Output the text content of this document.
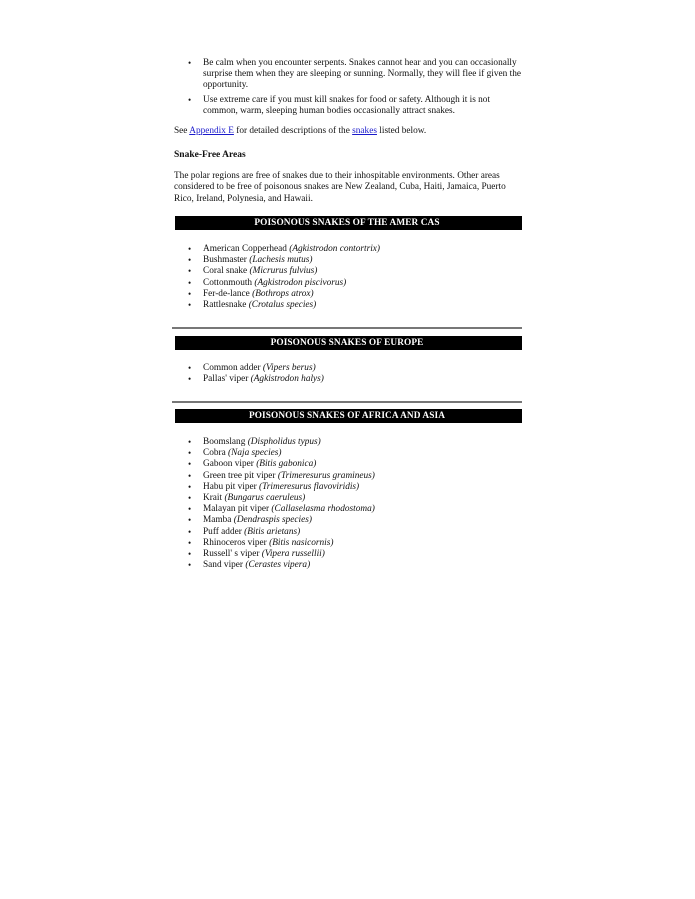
• Be calm when you encounter serpents. Snakes cannot hear and you can occasionally surprise them when they are sleeping or sunning. Normally, they will flee if given the opportunity.
• Use extreme care if you must kill snakes for food or safety. Although it is not common, warm, sleeping human bodies occasionally attract snakes.

See Appendix E for detailed descriptions of the snakes listed below.

Snake-Free Areas

The polar regions are free of snakes due to their inhospitable environments. Other areas considered to be free of poisonous snakes are New Zealand, Cuba, Haiti, Jamaica, Puerto Rico, Ireland, Polynesia, and Hawaii.

POISONOUS SNAKES OF THE AMER CAS
• American Copperhead (Agkistrodon contortrix)
• Bushmaster (Lachesis mutus)
• Coral snake (Micrurus fulvius)
• Cottonmouth (Agkistrodon piscivorus)
• Fer-de-lance (Bothrops atrox)
• Rattlesnake (Crotalus species)
POISONOUS SNAKES OF EUROPE
• Common adder (Vipers berus)
• Pallas' viper (Agkistrodon halys)
POISONOUS SNAKES OF AFRICA AND ASIA
• Boomslang (Dispholidus typus)
• Cobra (Naja species)
• Gaboon viper (Bitis gabonica)
• Green tree pit viper (Trimeresurus gramineus)
• Habu pit viper (Trimeresurus flavoviridis)
• Krait (Bungarus caeruleus)
• Malayan pit viper (Callaselasma rhodostoma)
• Mamba (Dendraspis species)
• Puff adder (Bitis arietans)
• Rhinoceros viper (Bitis nasicornis)
• Russell' s viper (Vipera russellii)
• Sand viper (Cerastes vipera)
